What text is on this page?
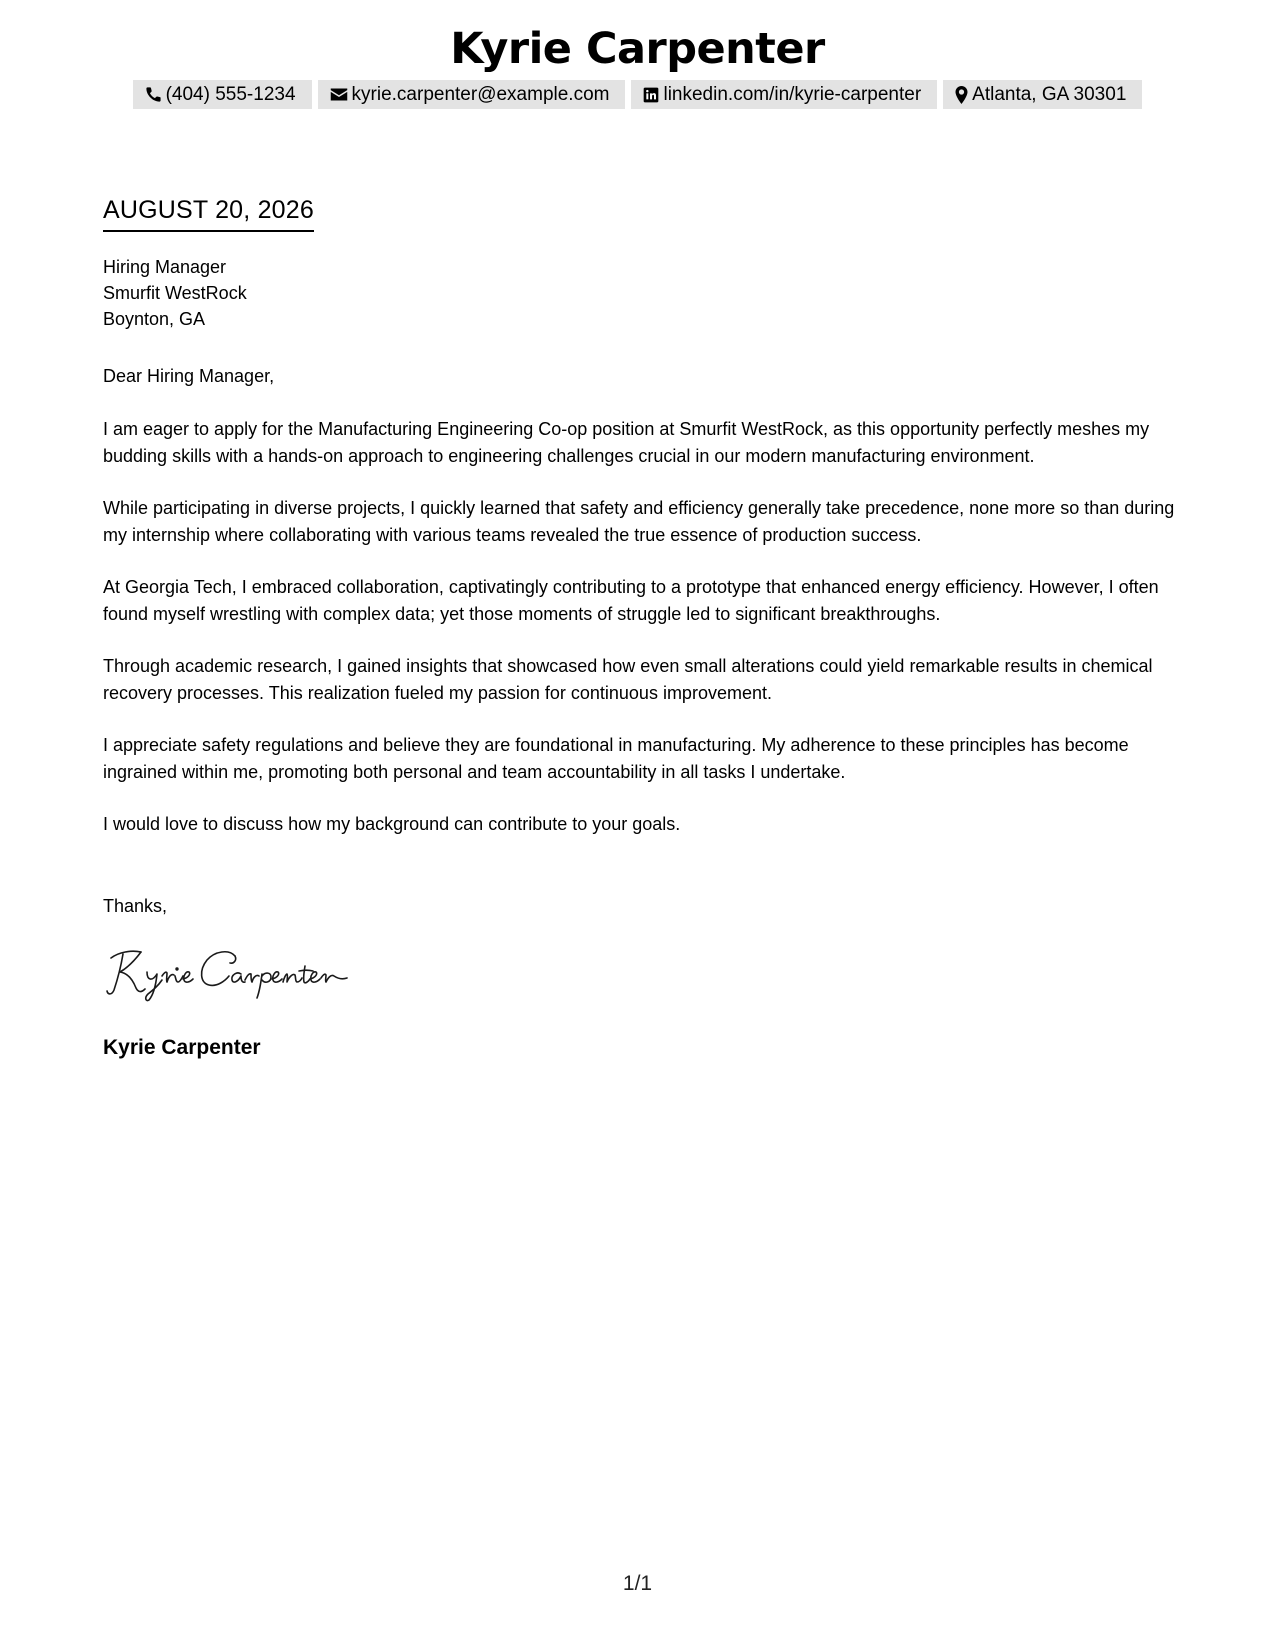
Kyrie Carpenter
(404) 555-1234	kyrie.carpenter@example.com	linkedin.com/in/kyrie-carpenter	Atlanta, GA 30301
AUGUST 20, 2026
Hiring Manager
Smurfit WestRock
Boynton, GA
Dear Hiring Manager,

I am eager to apply for the Manufacturing Engineering Co-op position at Smurfit WestRock, as this opportunity perfectly meshes my budding skills with a hands-on approach to engineering challenges crucial in our modern manufacturing environment.

While participating in diverse projects, I quickly learned that safety and efficiency generally take precedence, none more so than during my internship where collaborating with various teams revealed the true essence of production success.

At Georgia Tech, I embraced collaboration, captivatingly contributing to a prototype that enhanced energy efficiency. However, I often found myself wrestling with complex data; yet those moments of struggle led to significant breakthroughs.

Through academic research, I gained insights that showcased how even small alterations could yield remarkable results in chemical recovery processes. This realization fueled my passion for continuous improvement.

I appreciate safety regulations and believe they are foundational in manufacturing. My adherence to these principles has become ingrained within me, promoting both personal and team accountability in all tasks I undertake.

I would love to discuss how my background can contribute to your goals.

Thanks,
Kyrie Carpenter
1/1
